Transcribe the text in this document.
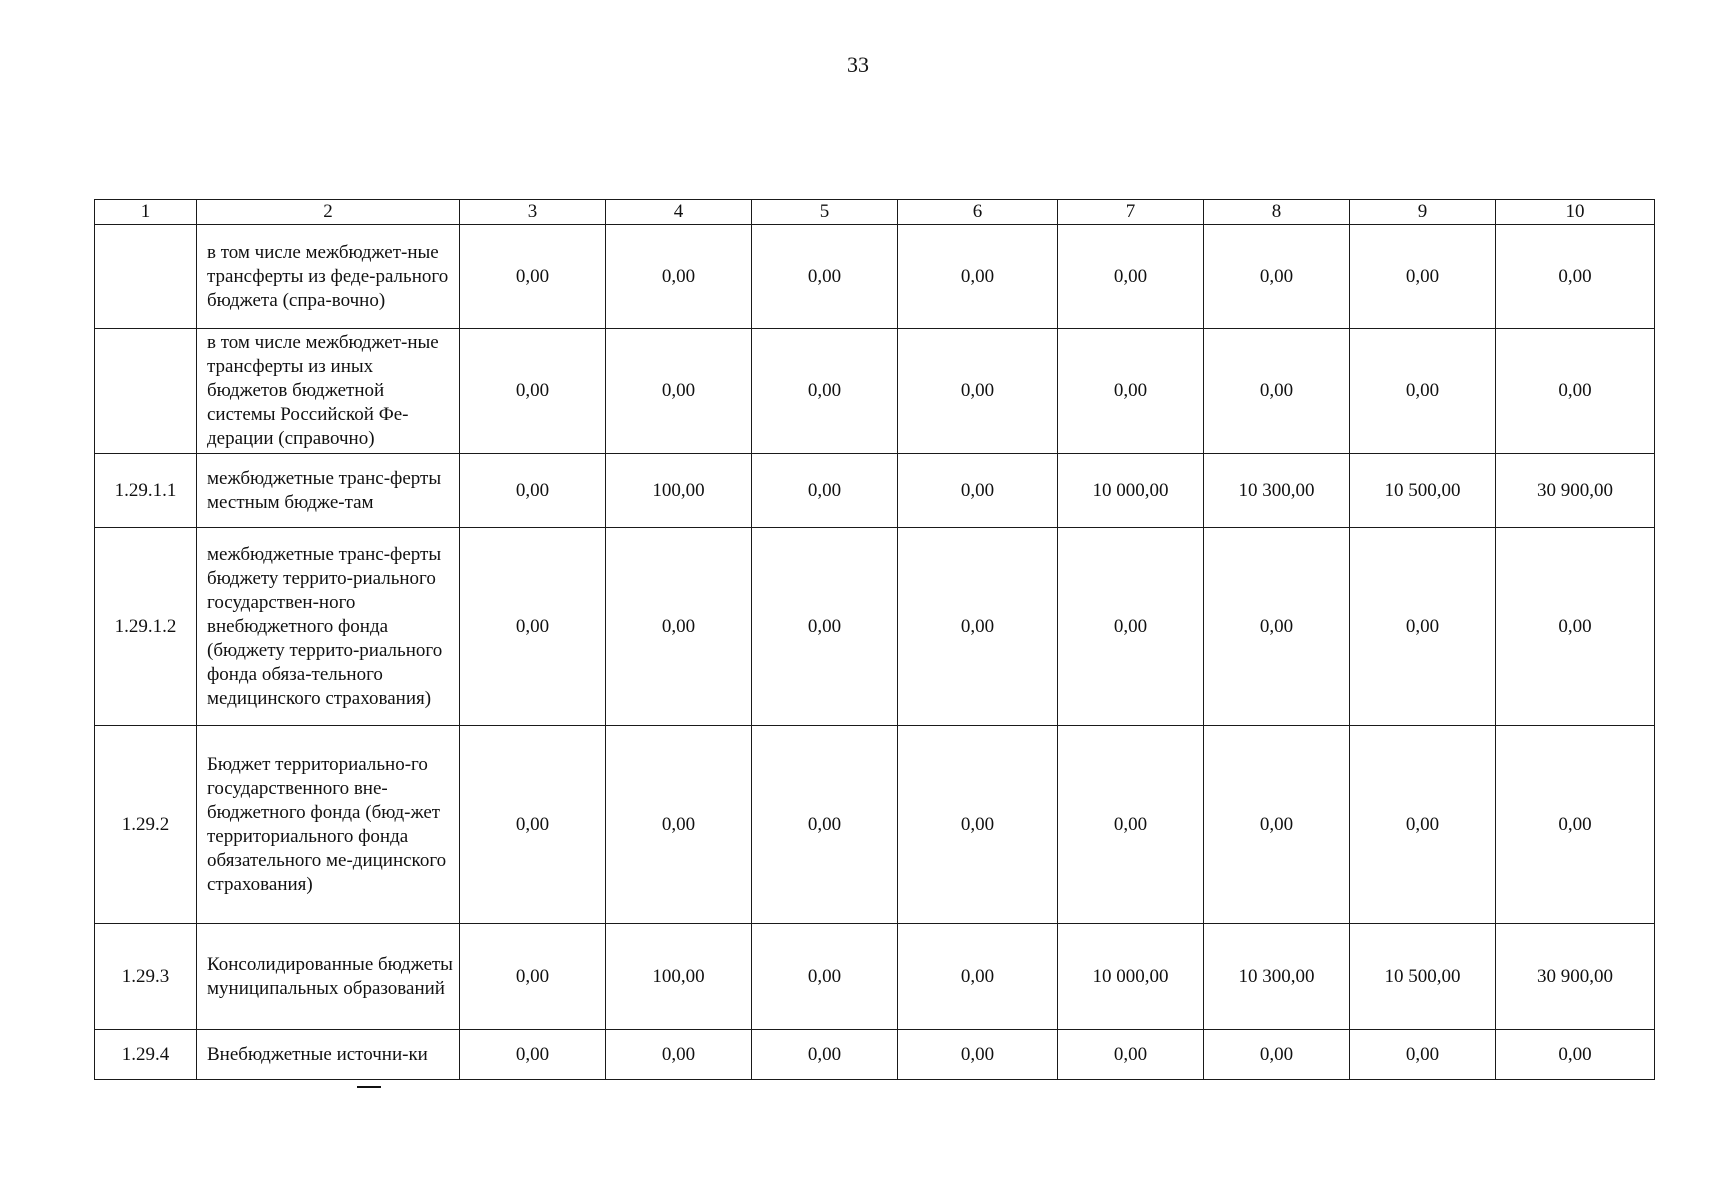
33
1	2	3	4	5	6	7	8	9	10
	в том числе межбюджет-ные трансферты из феде-рального бюджета (спра-вочно)	0,00	0,00	0,00	0,00	0,00	0,00	0,00	0,00
	в том числе межбюджет-ные трансферты из иных бюджетов бюджетной системы Российской Фе-дерации (справочно)	0,00	0,00	0,00	0,00	0,00	0,00	0,00	0,00
1.29.1.1	межбюджетные транс-ферты местным бюдже-там	0,00	100,00	0,00	0,00	10 000,00	10 300,00	10 500,00	30 900,00
1.29.1.2	межбюджетные транс-ферты бюджету террито-риального государствен-ного внебюджетного фонда (бюджету террито-риального фонда обяза-тельного медицинского страхования)	0,00	0,00	0,00	0,00	0,00	0,00	0,00	0,00
1.29.2	Бюджет территориально-го государственного вне-бюджетного фонда (бюд-жет территориального фонда обязательного ме-дицинского страхования)	0,00	0,00	0,00	0,00	0,00	0,00	0,00	0,00
1.29.3	Консолидированные бюджеты муниципальных образований	0,00	100,00	0,00	0,00	10 000,00	10 300,00	10 500,00	30 900,00
1.29.4	Внебюджетные источни-ки	0,00	0,00	0,00	0,00	0,00	0,00	0,00	0,00
